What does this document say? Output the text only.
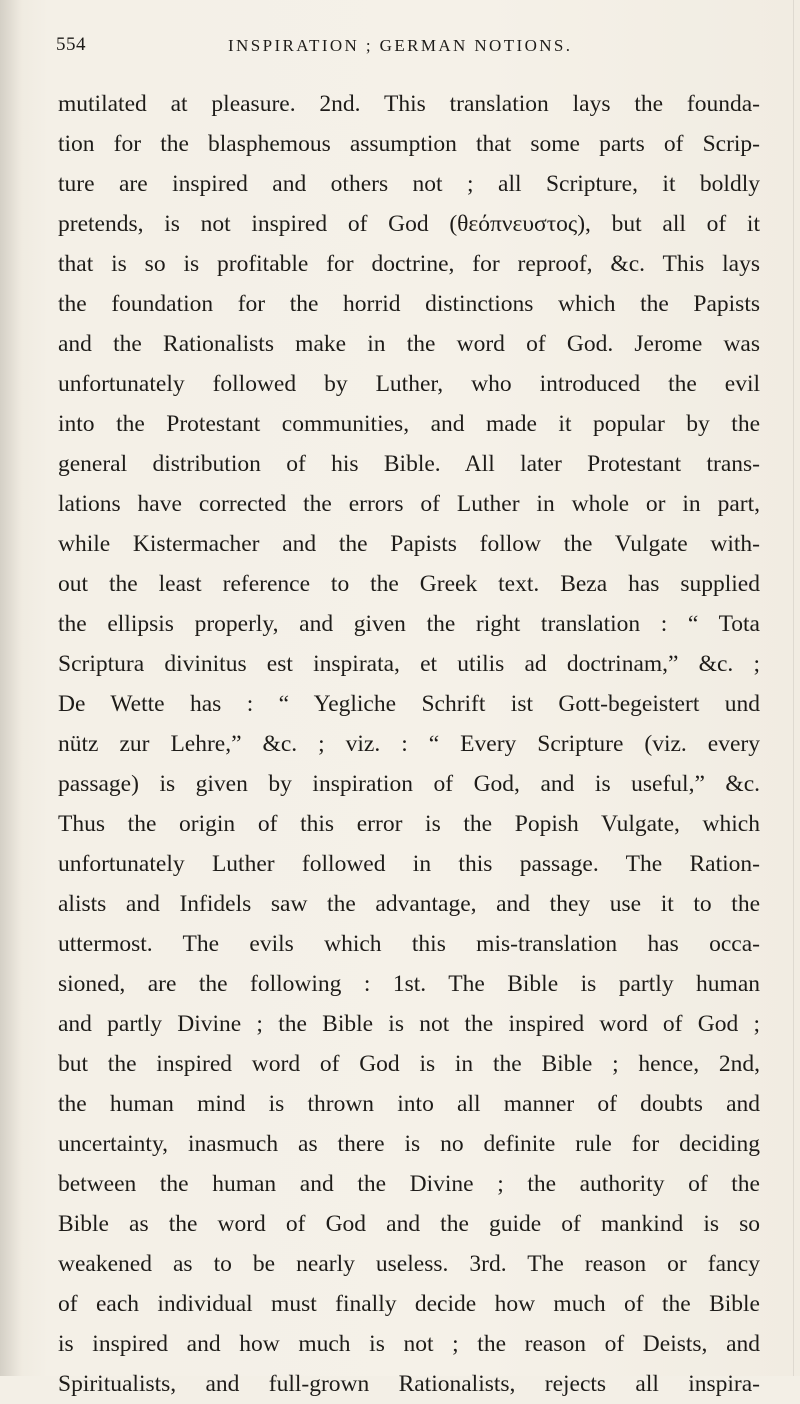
554	INSPIRATION ; GERMAN NOTIONS.
mutilated at pleasure. 2nd. This translation lays the founda-
tion for the blasphemous assumption that some parts of Scrip-
ture are inspired and others not ; all Scripture, it boldly
pretends, is not inspired of God (θεόπνευστος), but all of it
that is so is profitable for doctrine, for reproof, &c. This lays
the foundation for the horrid distinctions which the Papists
and the Rationalists make in the word of God. Jerome was
unfortunately followed by Luther, who introduced the evil
into the Protestant communities, and made it popular by the
general distribution of his Bible. All later Protestant trans-
lations have corrected the errors of Luther in whole or in part,
while Kistermacher and the Papists follow the Vulgate with-
out the least reference to the Greek text. Beza has supplied
the ellipsis properly, and given the right translation : “ Tota
Scriptura divinitus est inspirata, et utilis ad doctrinam,” &c. ;
De Wette has : “ Yegliche Schrift ist Gott-begeistert und
nütz zur Lehre,” &c. ; viz. : “ Every Scripture (viz. every
passage) is given by inspiration of God, and is useful,” &c.
Thus the origin of this error is the Popish Vulgate, which
unfortunately Luther followed in this passage. The Ration-
alists and Infidels saw the advantage, and they use it to the
uttermost. The evils which this mis-translation has occa-
sioned, are the following : 1st. The Bible is partly human
and partly Divine ; the Bible is not the inspired word of God ;
but the inspired word of God is in the Bible ; hence, 2nd,
the human mind is thrown into all manner of doubts and
uncertainty, inasmuch as there is no definite rule for deciding
between the human and the Divine ; the authority of the
Bible as the word of God and the guide of mankind is so
weakened as to be nearly useless. 3rd. The reason or fancy
of each individual must finally decide how much of the Bible
is inspired and how much is not ; the reason of Deists, and
Spiritualists, and full-grown Rationalists, rejects all inspira-
